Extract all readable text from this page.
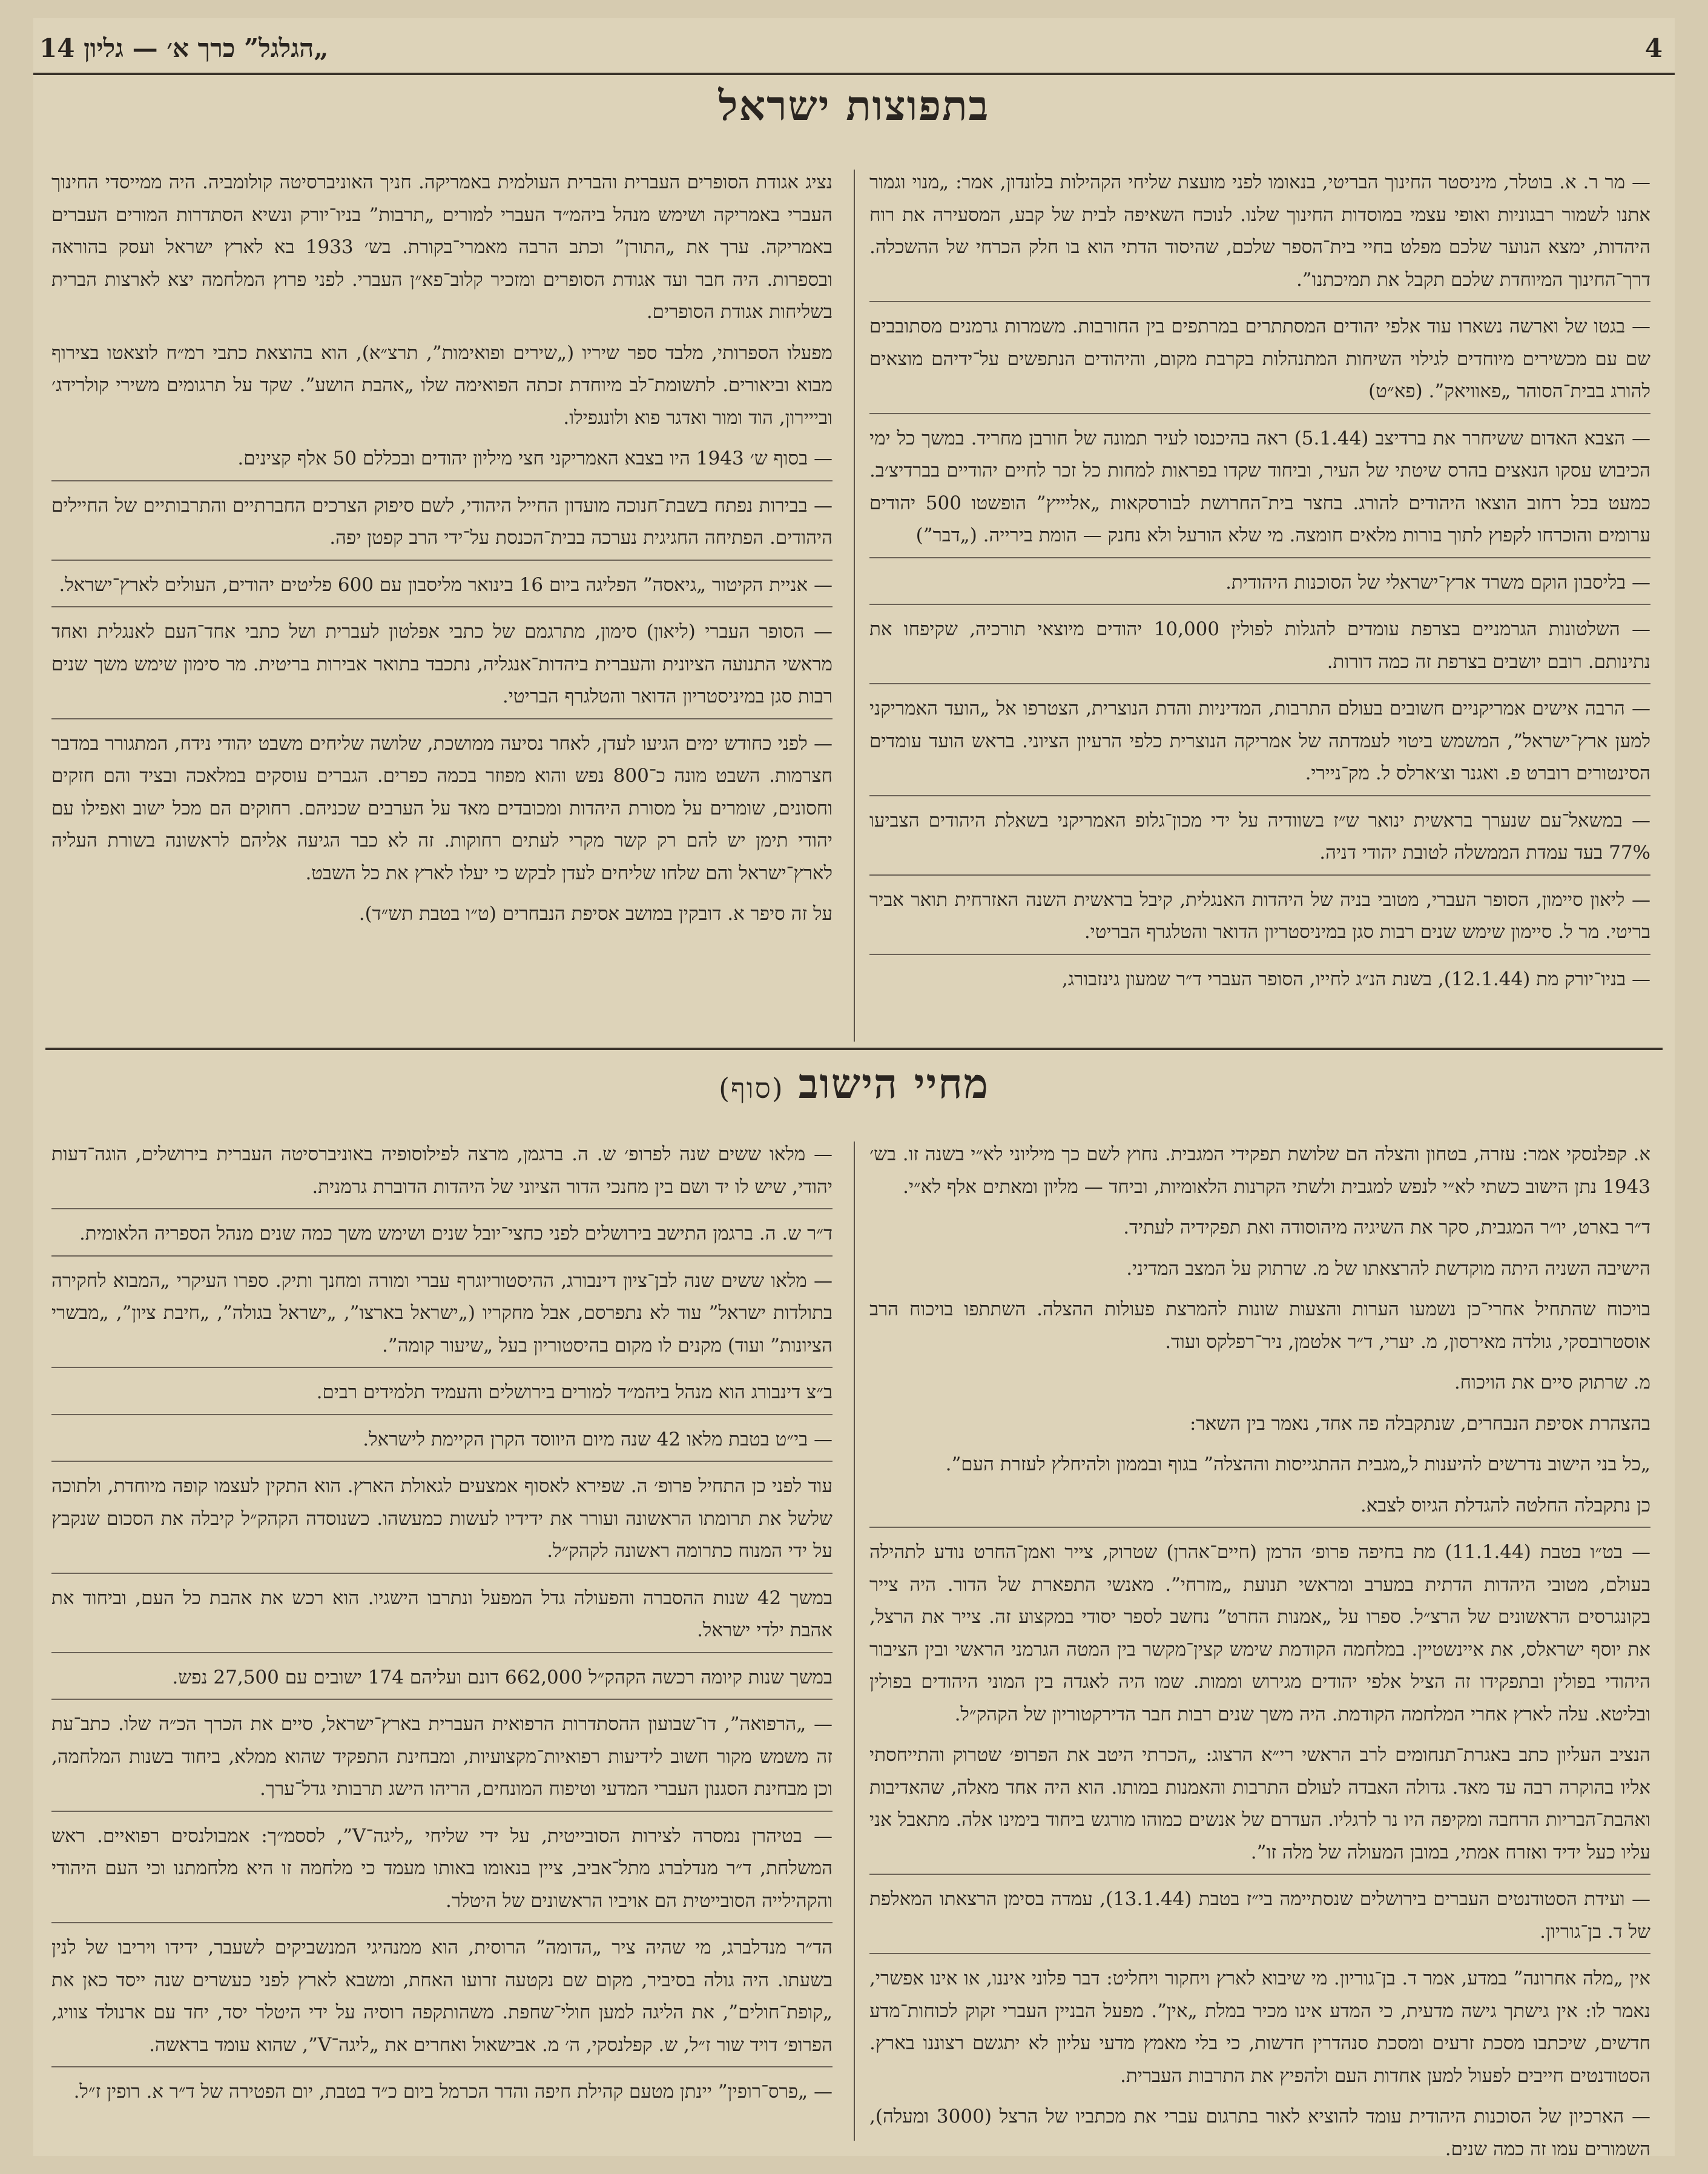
4
„הגלגל” כרך א׳ — גליון 14
בתפוצות ישראל

— מר ר. א. בוטלר, מיניסטר החינוך הבריטי, בנאומו לפני מועצת שליחי הקהילות בלונדון, אמר: „מנוי וגמור אתנו לשמור רבגוניות ואופי עצמי במוסדות החינוך שלנו. לנוכח השאיפה לבית של קבע, המסעירה את רוח היהדות, ימצא הנוער שלכם מפלט בחיי בית־הספר שלכם, שהיסוד הדתי הוא בו חלק הכרחי של ההשכלה. דרך־החינוך המיוחדת שלכם תקבל את תמיכתנו”.

— בגטו של וארשה נשארו עוד אלפי יהודים המסתתרים במרתפים בין החורבות. משמרות גרמנים מסתובבים שם עם מכשירים מיוחדים לגילוי השיחות המתנהלות בקרבת מקום, והיהודים הנתפשים על־ידיהם מוצאים להורג בבית־הסוהר „פאוויאק”. (פא״ט)

— הצבא האדום ששיחרר את ברדיצב (5.1.44) ראה בהיכנסו לעיר תמונה של חורבן מחריד. במשך כל ימי הכיבוש עסקו הנאצים בהרס שיטתי של העיר, וביחוד שקדו בפראות למחות כל זכר לחיים יהודיים בברדיצ׳ב. כמעט בכל רחוב הוצאו היהודים להורג. בחצר בית־החרושת לבורסקאות „אליייץ” הופשטו 500 יהודים ערומים והוכרחו לקפוץ לתוך בורות מלאים חומצה. מי שלא הורעל ולא נחנק — הומת בירייה. („דבר”)

— בליסבון הוקם משרד ארץ־ישראלי של הסוכנות היהודית.

— השלטונות הגרמניים בצרפת עומדים להגלות לפולין 10,000 יהודים מיוצאי תורכיה, שקיפחו את נתינותם. רובם יושבים בצרפת זה כמה דורות.

— הרבה אישים אמריקניים חשובים בעולם התרבות, המדיניות והדת הנוצרית, הצטרפו אל „הועד האמריקני למען ארץ־ישראל”, המשמש ביטוי לעמדתה של אמריקה הנוצרית כלפי הרעיון הציוני. בראש הועד עומדים הסינטורים רוברט פ. ואגנר וצ׳ארלס ל. מק־ניירי.

— במשאל־עם שנערך בראשית ינואר ש״ז בשוודיה על ידי מכון־גלופ האמריקני בשאלת היהודים הצביעו 77% בעד עמדת הממשלה לטובת יהודי דניה.

— ליאון סיימון, הסופר העברי, מטובי בניה של היהדות האנגלית, קיבל בראשית השנה האזרחית תואר אביר בריטי. מר ל. סיימון שימש שנים רבות סגן במיניסטריון הדואר והטלגרף הבריטי.

— בניו־יורק מת (12.1.44), בשנת הנ״ג לחייו, הסופר העברי ד״ר שמעון גינזבורג,

נציג אגודת הסופרים העברית והברית העולמית באמריקה. חניך האוניברסיטה קולומביה. היה ממייסדי החינוך העברי באמריקה ושימש מנהל ביהמ״ד העברי למורים „תרבות” בניו־יורק ונשיא הסתדרות המורים העברים באמריקה. ערך את „התורן” וכתב הרבה מאמרי־בקורת. בש׳ 1933 בא לארץ ישראל ועסק בהוראה ובספרות. היה חבר ועד אגודת הסופרים ומזכיר קלוב־פא״ן העברי. לפני פרוץ המלחמה יצא לארצות הברית בשליחות אגודת הסופרים.

מפעלו הספרותי, מלבד ספר שיריו („שירים ופואימות”, תרצ״א), הוא בהוצאת כתבי רמ״ח לוצאטו בצירוף מבוא וביאורים. לתשומת־לב מיוחדת זכתה הפואימה שלו „אהבת הושע”. שקד על תרגומים משירי קולרידג׳ ובייירון, הוד ומור ואדגר פוא ולונגפילו.

— בסוף ש׳ 1943 היו בצבא האמריקני חצי מיליון יהודים ובכללם 50 אלף קצינים.

— בבירות נפתח בשבת־חנוכה מועדון החייל היהודי, לשם סיפוק הצרכים החברתיים והתרבותיים של החיילים היהודים. הפתיחה החגיגית נערכה בבית־הכנסת על־ידי הרב קפטן יפה.

— אניית הקיטור „גיאסה” הפליגה ביום 16 בינואר מליסבון עם 600 פליטים יהודים, העולים לארץ־ישראל.

— הסופר העברי (ליאון) סימון, מתרגמם של כתבי אפלטון לעברית ושל כתבי אחד־העם לאנגלית ואחד מראשי התנועה הציונית והעברית ביהדות־אנגליה, נתכבד בתואר אבירות בריטית. מר סימון שימש משך שנים רבות סגן במיניסטריון הדואר והטלגרף הבריטי.

— לפני כחודש ימים הגיעו לעדן, לאחר נסיעה ממושכת, שלושה שליחים משבט יהודי נידח, המתגורר במדבר חצרמות. השבט מונה כ־800 נפש והוא מפוזר בכמה כפרים. הגברים עוסקים במלאכה ובציד והם חזקים וחסונים, שומרים על מסורת היהדות ומכובדים מאד על הערבים שכניהם. רחוקים הם מכל ישוב ואפילו עם יהודי תימן יש להם רק קשר מקרי לעתים רחוקות. זה לא כבר הגיעה אליהם לראשונה בשורת העליה לארץ־ישראל והם שלחו שליחים לעדן לבקש כי יעלו לארץ את כל השבט.

על זה סיפר א. דובקין במושב אסיפת הנבחרים (ט״ו בטבת תש״ד).

מחיי הישוב(סוף)

א. קפלנסקי אמר: עזרה, בטחון והצלה הם שלושת תפקידי המגבית. נחוץ לשם כך מיליוני לא״י בשנה זו. בש׳ 1943 נתן הישוב כשתי לא״י לנפש למגבית ולשתי הקרנות הלאומיות, וביחד — מליון ומאתים אלף לא״י.

ד״ר בארט, יו״ר המגבית, סקר את השיגיה מיהוסודה ואת תפקידיה לעתיד.

הישיבה השניה היתה מוקדשת להרצאתו של מ. שרתוק על המצב המדיני.

בויכוח שהתחיל אחרי־כן נשמעו הערות והצעות שונות להמרצת פעולות ההצלה. השתתפו בויכוח הרב אוסטרובסקי, גולדה מאירסון, מ. יערי, ד״ר אלטמן, ניר־רפלקס ועוד.

מ. שרתוק סיים את הויכוח.

בהצהרת אסיפת הנבחרים, שנתקבלה פה אחד, נאמר בין השאר:

„כל בני הישוב נדרשים להיענות ל„מגבית ההתגייסות וההצלה” בגוף ובממון ולהיחלץ לעזרת העם”.

כן נתקבלה החלטה להגדלת הגיוס לצבא.

— בט״ו בטבת (11.1.44) מת בחיפה פרופ׳ הרמן (חיים־אהרן) שטרוק, צייר ואמן־החרט נודע לתהילה בעולם, מטובי היהדות הדתית במערב ומראשי תנועת „מזרחי”. מאנשי התפארת של הדור. היה צייר בקונגרסים הראשונים של הרצ״ל. ספרו על „אמנות החרט” נחשב לספר יסודי במקצוע זה. צייר את הרצל, את יוסף ישראלס, את איינשטיין. במלחמה הקודמת שימש קצין־מקשר בין המטה הגרמני הראשי ובין הציבור היהודי בפולין ובתפקידו זה הציל אלפי יהודים מגירוש וממות. שמו היה לאגדה בין המוני היהודים בפולין ובליטא. עלה לארץ אחרי המלחמה הקודמת. היה משך שנים רבות חבר הדירקטוריון של הקהק״ל.

הנציב העליון כתב באגרת־תנחומים לרב הראשי רי״א הרצוג: „הכרתי היטב את הפרופ׳ שטרוק והתייחסתי אליו בהוקרה רבה עד מאד. גדולה האבדה לעולם התרבות והאמנות במותו. הוא היה אחד מאלה, שהאדיבות ואהבת־הבריות הרחבה ומקיפה היו נר לרגליו. העדרם של אנשים כמוהו מורגש ביחוד בימינו אלה. מתאבל אני עליו כעל ידיד ואזרח אמתי, במובן המעולה של מלה זו”.

— ועידת הסטודנטים העברים בירושלים שנסתיימה בי״ז בטבת (13.1.44), עמדה בסימן הרצאתו המאלפת של ד. בן־גוריון.

אין „מלה אחרונה” במדע, אמר ד. בן־גוריון. מי שיבוא לארץ ויחקור ויחליט: דבר פלוני איננו, או אינו אפשרי, נאמר לו: אין גישתך גישה מדעית, כי המדע אינו מכיר במלת „אין”. מפעל הבניין העברי זקוק לכוחות־מדע חדשים, שיכתבו מסכת זרעים ומסכת סנהדרין חדשות, כי בלי מאמץ מדעי עליון לא יתגשם רצוננו בארץ. הסטודנטים חייבים לפעול למען אחדות העם ולהפיץ את התרבות העברית.

— הארכיון של הסוכנות היהודית עומד להוציא לאור בתרגום עברי את מכתביו של הרצל (3000 ומעלה), השמורים עמו זה כמה שנים.

— מלאו ששים שנה לפרופ׳ ש. ה. ברגמן, מרצה לפילוסופיה באוניברסיטה העברית בירושלים, הוגה־דעות יהודי, שיש לו יד ושם בין מחנכי הדור הציוני של היהדות הדוברת גרמנית.

ד״ר ש. ה. ברגמן התישב בירושלים לפני כחצי־יובל שנים ושימש משך כמה שנים מנהל הספריה הלאומית.

— מלאו ששים שנה לבן־ציון דינבורג, ההיסטוריוגרף עברי ומורה ומחנך ותיק. ספרו העיקרי „המבוא לחקירה בתולדות ישראל” עוד לא נתפרסם, אבל מחקריו („ישראל בארצו”, „ישראל בגולה”, „חיבת ציון”, „מבשרי הציונות” ועוד) מקנים לו מקום בהיסטוריון בעל „שיעור קומה”.

ב״צ דינבורג הוא מנהל ביהמ״ד למורים בירושלים והעמיד תלמידים רבים.

— בי״ט בטבת מלאו 42 שנה מיום היווסד הקרן הקיימת לישראל.

עוד לפני כן התחיל פרופ׳ ה. שפירא לאסוף אמצעים לגאולת הארץ. הוא התקין לעצמו קופה מיוחדת, ולתוכה שלשל את תרומתו הראשונה ועורר את ידידיו לעשות כמעשהו. כשנוסדה הקהק״ל קיבלה את הסכום שנקבץ על ידי המנוח כתרומה ראשונה לקהק״ל.

במשך 42 שנות ההסברה והפעולה גדל המפעל ונתרבו הישגיו. הוא רכש את אהבת כל העם, וביחוד את אהבת ילדי ישראל.

במשך שנות קיומה רכשה הקהק״ל 662,000 דונם ועליהם 174 ישובים עם 27,500 נפש.

— „הרפואה”, דו־שבועון ההסתדרות הרפואית העברית בארץ־ישראל, סיים את הכרך הכ״ה שלו. כתב־עת זה משמש מקור חשוב לידיעות רפואיות־מקצועיות, ומבחינת התפקיד שהוא ממלא, ביחוד בשנות המלחמה, וכן מבחינת הסגנון העברי המדעי וטיפוח המונחים, הריהו הישג תרבותי גדל־ערך.

— בטיהרן נמסרה לצירות הסובייטית, על ידי שליחי „ליגה־V”, לססמ״ך: אמבולנסים רפואיים. ראש המשלחת, ד״ר מנדלברג מתל־אביב, ציין בנאומו באותו מעמד כי מלחמה זו היא מלחמתנו וכי העם היהודי והקהילייה הסובייטית הם אויביו הראשונים של היטלר.

הד״ר מנדלברג, מי שהיה ציר „הדומה” הרוסית, הוא ממנהיגי המנשביקים לשעבר, ידידו ויריבו של לנין בשעתו. היה גולה בסיביר, מקום שם נקטעה זרועו האחת, ומשבא לארץ לפני כעשרים שנה ייסד כאן את „קופת־חולים”, את הליגה למען חולי־שחפת. משהותקפה רוסיה על ידי היטלר יסד, יחד עם ארנולד צוויג, הפרופ׳ דויד שור ז״ל, ש. קפלנסקי, ה׳ מ. אבישאול ואחרים את „ליגה־V”, שהוא עומד בראשה.

— „פרס־רופין” יינתן מטעם קהילת חיפה והדר הכרמל ביום כ״ד בטבת, יום הפטירה של ד״ר א. רופין ז״ל.
